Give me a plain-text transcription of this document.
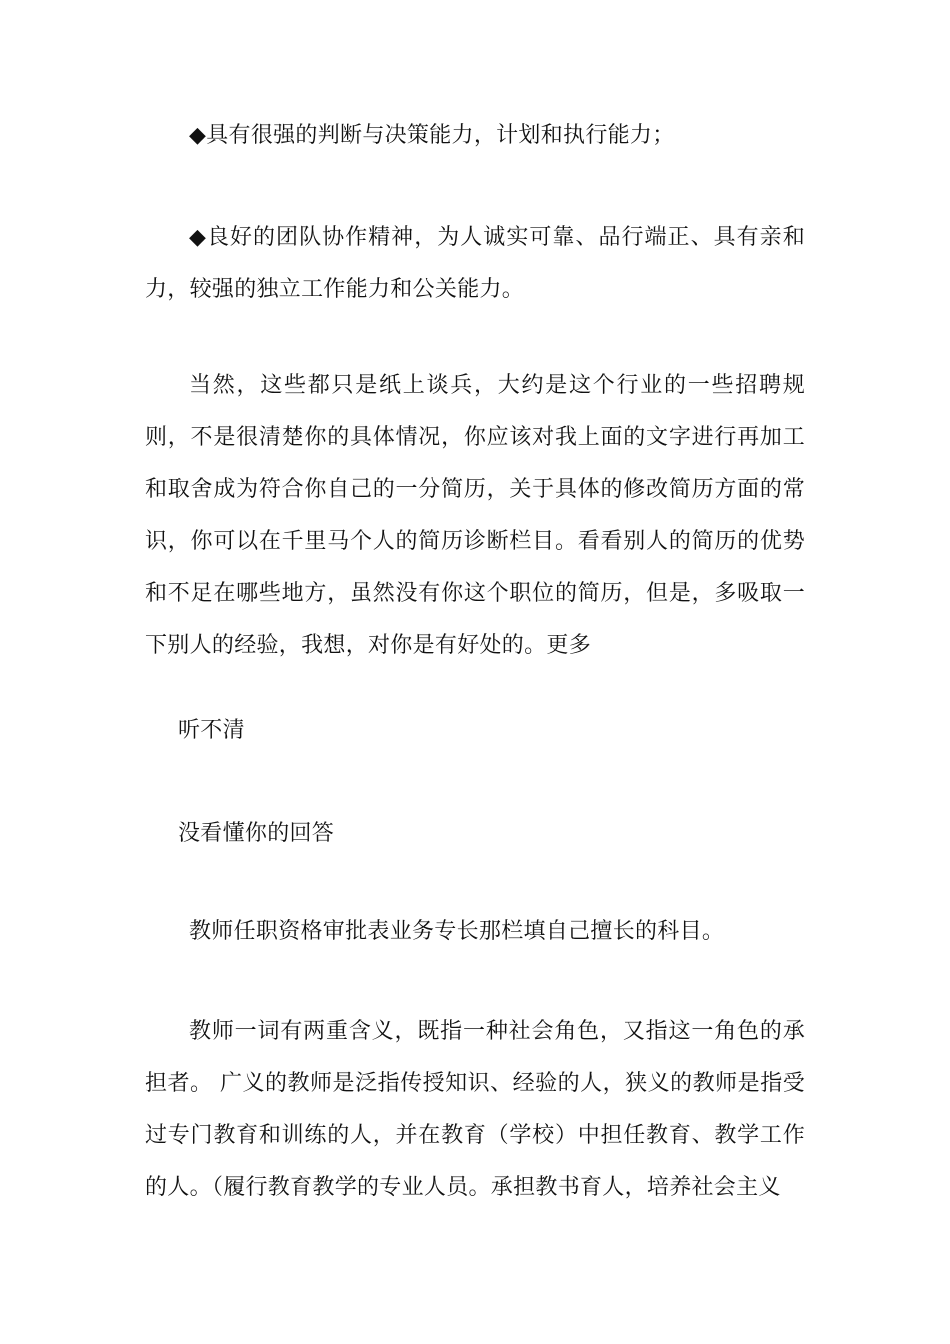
◆具有很强的判断与决策能力，计划和执行能力；

◆良好的团队协作精神，为人诚实可靠、品行端正、具有亲和力，较强的独立工作能力和公关能力。

当然，这些都只是纸上谈兵，大约是这个行业的一些招聘规则，不是很清楚你的具体情况，你应该对我上面的文字进行再加工和取舍成为符合你自己的一分简历，关于具体的修改简历方面的常识，你可以在千里马个人的简历诊断栏目。看看别人的简历的优势和不足在哪些地方，虽然没有你这个职位的简历，但是，多吸取一下别人的经验，我想，对你是有好处的。更多

听不清

没看懂你的回答

教师任职资格审批表业务专长那栏填自己擅长的科目。

教师一词有两重含义，既指一种社会角色，又指这一角色的承担者。 广义的教师是泛指传授知识、经验的人，狭义的教师是指受过专门教育和训练的人，并在教育（学校）中担任教育、教学工作的人。（履行教育教学的专业人员。承担教书育人，培养社会主义
